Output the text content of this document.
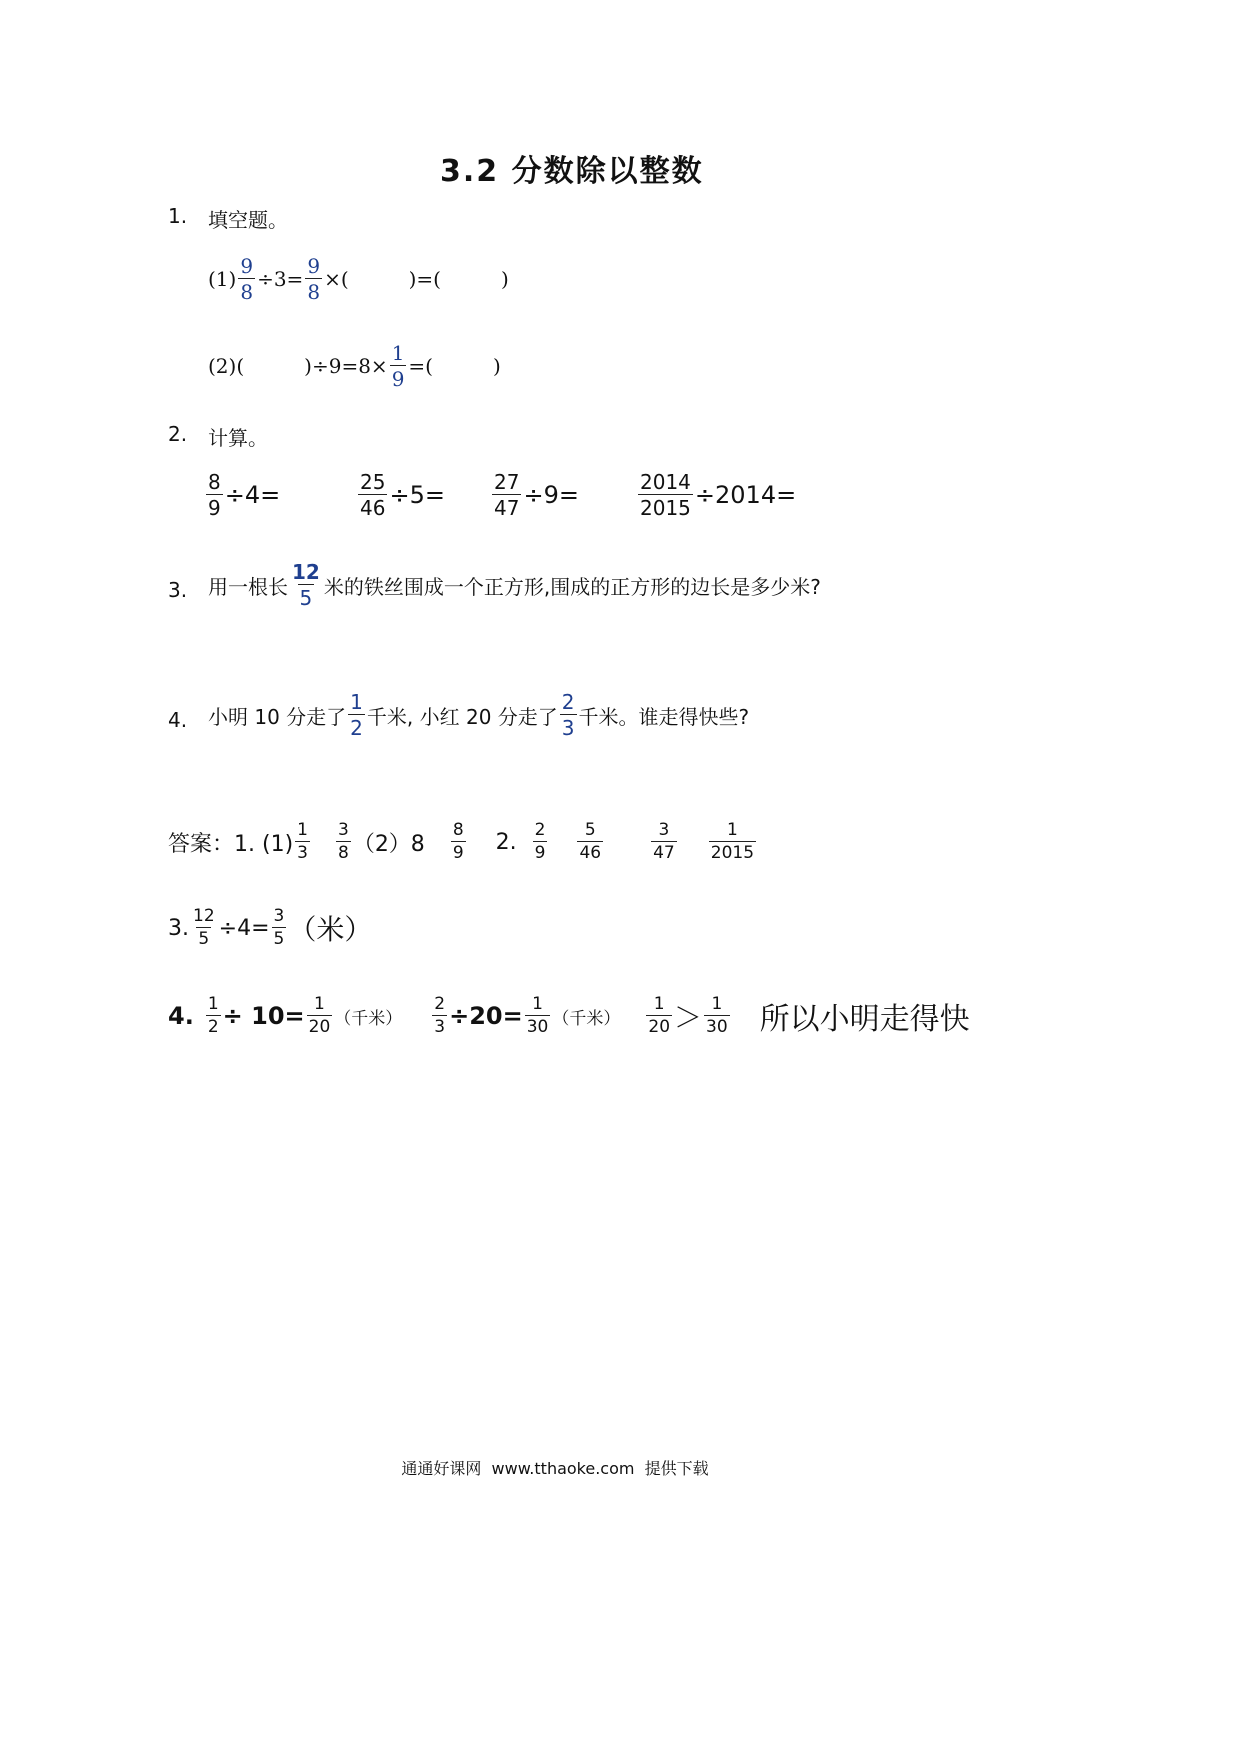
3.2 分数除以整数
1. 填空题。
$(1) \frac{9}{8} \div 3= \frac{9}{8}$ ×(	)=(	)
(2) (	)$\div 9=8\times \frac{1}{9}$ =(	)
2. 计算。
$\frac{8}{9} \div 4=$	$\frac{25}{46} \div 5= \frac{27}{47} \div 9=$	$\frac{2014}{2015} \div 2014=$
3. 用一根长 $\frac{12}{5}$ 米的铁丝围成一个正方形,围成的正方形的边长是多少米?
4. 小明 10 分走了 $\frac{1}{2}$ 千米, 小红 20 分走了 $\frac{2}{3}$ 千米。谁走得快些?
答案：1. $(1) \frac{1}{3} \frac{3}{8} (2)8 \frac{8}{9} 2$. $\frac{2}{9} \frac{5}{46}$	$\frac{3}{47} \frac{1}{2015}$
3. $\frac{12}{5} \div 4= \frac{3}{5}$ （米）
4. $\frac{1}{2} \div 10= \frac{1}{20}$ （千米） $\frac{2}{3} \div 20= \frac{1}{30}$ （千米） $\frac{1}{20} > \frac{1}{30}$ 所以小明走得快
通通好课网  www.tthaoke.com  提供下载
